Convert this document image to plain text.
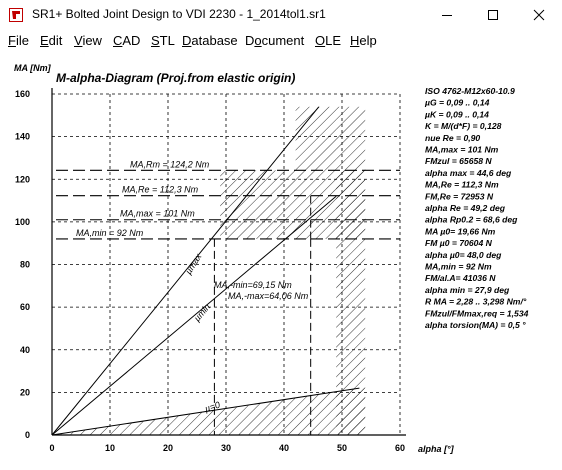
SR1+ Bolted Joint Design to VDI 2230 - 1_2014tol1.sr1
File Edit View CAD STL Database Document OLE Help
0	10	20	30	40	50	60
0
20
40
60
80
100
120
140
160
MA [Nm]
alpha [°]
M-alpha-Diagram (Proj.from elastic origin)
MA,Rm = 124,2 Nm
MA,Re = 112,3 Nm
MA,max = 101 Nm
MA,min = 92 Nm
µmax
µmin
µ=0
MA,-min=69,15 Nm
MA,-max=64,06 Nm
ISO 4762-M12x60-10.9
µG = 0,09 .. 0,14
µK = 0,09 .. 0,14
K = M/(d*F) = 0,128
nue Re = 0,90
MA,max = 101 Nm
FMzul = 65658 N
alpha max = 44,6 deg
MA,Re = 112,3 Nm
FM,Re = 72953 N
alpha Re = 49,2 deg
alpha Rp0.2 = 68,6 deg
MA µ0= 19,66 Nm
FM µ0 = 70604 N
alpha µ0= 48,0 deg
MA,min = 92 Nm
FM/al.A= 41036 N
alpha min = 27,9 deg
R MA = 2,28 .. 3,298 Nm/°
FMzul/FMmax,req = 1,534
alpha torsion(MA) = 0,5 °
